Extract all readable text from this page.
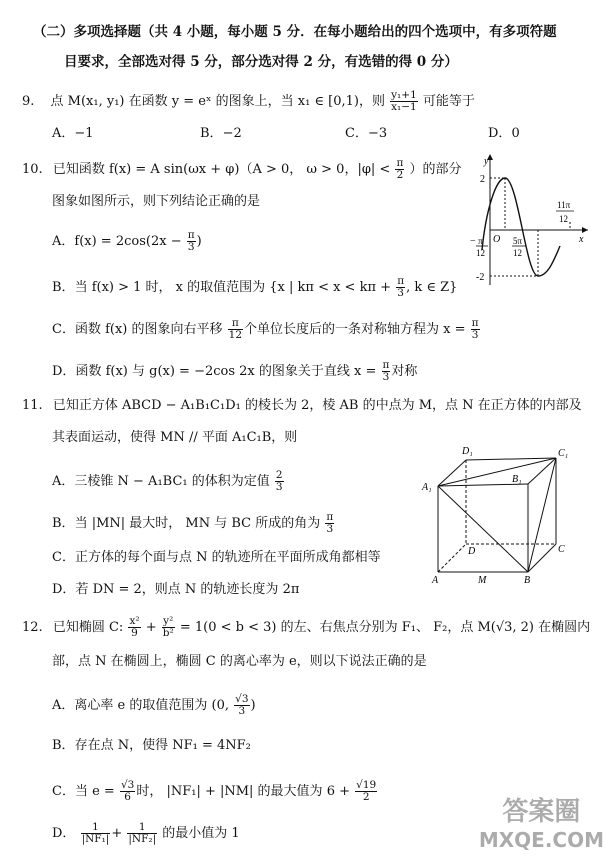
（二）多项选择题（共 4 小题，每小题 5 分．在每小题给出的四个选项中，有多项符题
目要求，全部选对得 5 分，部分选对得 2 分，有选错的得 0 分）
9. 点 M(x₁, y₁) 在函数 y = eˣ 的图象上，当 x₁ ∈ [0,1)，则 $\frac{\text{y₁+1}}{\text{x₁−1}}$ 可能等于
A．−1	B．−2	C．−3	D．0
10. 已知函数 f(x) = A sin(ωx + φ)（A > 0， ω > 0，$|\varphi| < \frac{\pi}{2}$ ）的部分
图象如图所示，则下列结论正确的是
A．$f(x) = 2\cos(2x - \frac{\pi}{3}$ )
B．当 f(x) > 1 时， x 的取值范围为 {x | $k\pi < x < k\pi + \frac{\pi}{3}$ , k ∈ Z}
C．函数 f(x) 的图象向右平移 $\frac{\pi}{12}$ 个单位长度后的一条对称轴方程为 $x = \frac{\pi}{3}$
D．函数 f(x) 与 g(x) = −2cos 2x 的图象关于直线 $x = \frac{\pi}{3}$ 对称
y
x
O
2
-2
− π
12
5π
12
11π
12
11. 已知正方体 ABCD − A₁B₁C₁D₁ 的棱长为 2，棱 AB 的中点为 M，点 N 在正方体的内部及
其表面运动，使得 MN // 平面 A₁C₁B，则
A．三棱锥 N − A₁BC₁ 的体积为定值 $\frac{2}{3}$
B．当 |MN| 最大时， MN 与 BC 所成的角为 $\frac{\pi}{3}$
C．正方体的每个面与点 N 的轨迹所在平面所成角都相等
D．若 DN = 2，则点 N 的轨迹长度为 2π
D₁	C₁
A₁
B₁
D	C
A	M	B
12. 已知椭圆 C: $\frac{\text{x²}}{9} + \frac{\text{y²}}{\text{b²}} = 1(0 < b < 3)$ 的左、右焦点分别为 F₁、 F₂，点 M(√3, 2) 在椭圆内
部，点 N 在椭圆上，椭圆 C 的离心率为 e，则以下说法正确的是
A．离心率 e 的取值范围为 (0, $\frac{√3}{3}$ )
B．存在点 N，使得 NF₁ = 4NF₂
C．当 $e = \frac{√3}{6}$ 时， |NF₁| + |NM| 的最大值为 $6 + \frac{√19}{2}$
D． $\frac{1}{\text{|NF₁|}} + \frac{1}{\text{|NF₂|}}$ 的最小值为 1
答案圈
MXQE.COM
